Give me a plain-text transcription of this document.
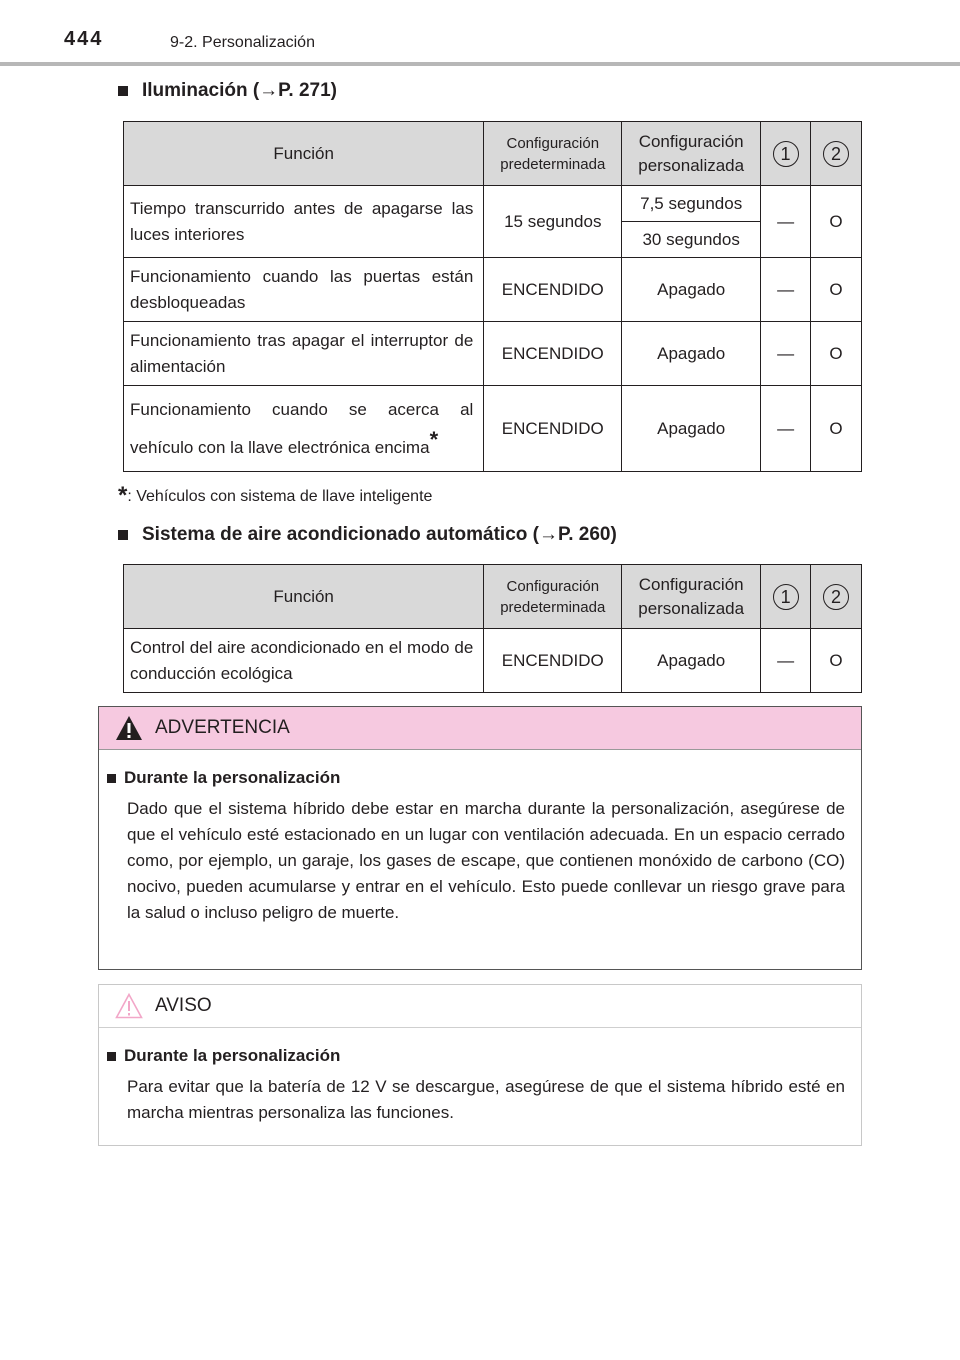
444	9-2. Personalización
Iluminación (→P. 271)
Función	Configuración predeterminada	Configuración personalizada	1	2
Tiempo transcurrido antes de apagarse las luces interiores	15 segundos	7,5 segundos	—	O
		30 segundos		
Funcionamiento cuando las puertas están desbloqueadas	ENCENDIDO	Apagado	—	O
Funcionamiento tras apagar el interruptor de alimentación	ENCENDIDO	Apagado	—	O
Funcionamiento cuando se acerca al vehículo con la llave electrónica encima*	ENCENDIDO	Apagado	—	O
*: Vehículos con sistema de llave inteligente
Sistema de aire acondicionado automático (→P. 260)
Función	Configuración predeterminada	Configuración personalizada	1	2
Control del aire acondicionado en el modo de conducción ecológica	ENCENDIDO	Apagado	—	O
ADVERTENCIA
Durante la personalización
Dado que el sistema híbrido debe estar en marcha durante la personalización, asegúrese de que el vehículo esté estacionado en un lugar con ventilación adecuada. En un espacio cerrado como, por ejemplo, un garaje, los gases de escape, que contienen monóxido de carbono (CO) nocivo, pueden acumularse y entrar en el vehículo. Esto puede conllevar un riesgo grave para la salud o incluso peligro de muerte.
AVISO
Durante la personalización
Para evitar que la batería de 12 V se descargue, asegúrese de que el sistema híbrido esté en marcha mientras personaliza las funciones.
